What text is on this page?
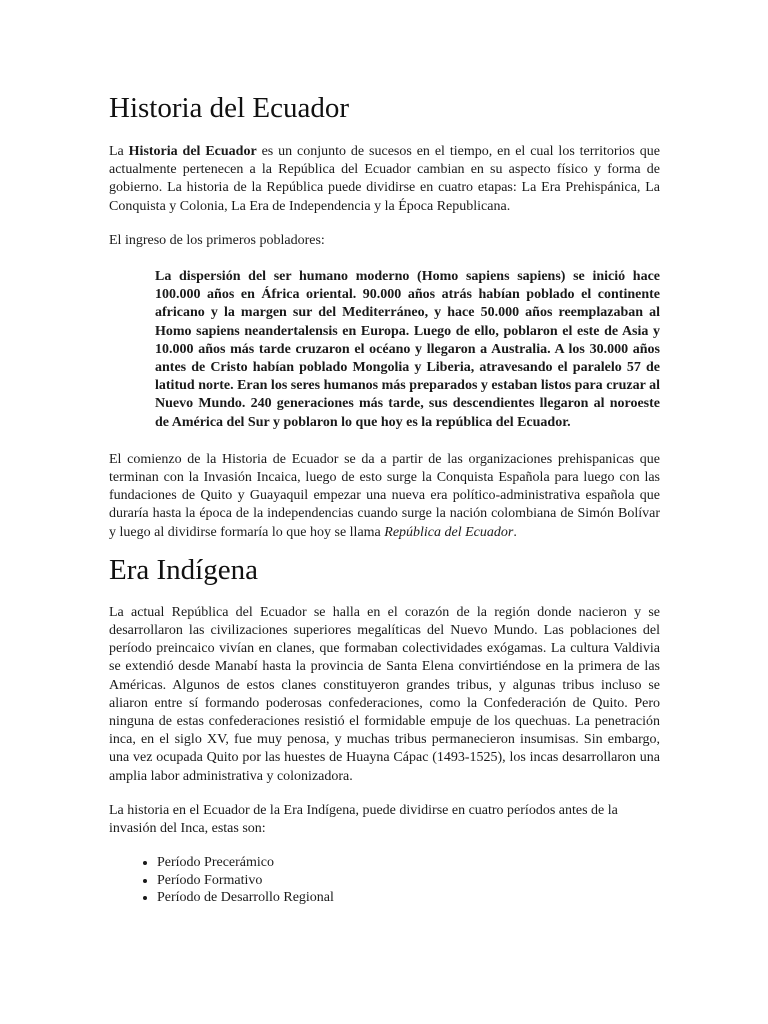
Historia del Ecuador

La Historia del Ecuador es un conjunto de sucesos en el tiempo, en el cual los territorios que actualmente pertenecen a la República del Ecuador cambian en su aspecto físico y forma de gobierno. La historia de la República puede dividirse en cuatro etapas: La Era Prehispánica, La Conquista y Colonia, La Era de Independencia y la Época Republicana.

El ingreso de los primeros pobladores:

La dispersión del ser humano moderno (Homo sapiens sapiens) se inició hace 100.000 años en África oriental. 90.000 años atrás habían poblado el continente africano y la margen sur del Mediterráneo, y hace 50.000 años reemplazaban al Homo sapiens neandertalensis en Europa. Luego de ello, poblaron el este de Asia y 10.000 años más tarde cruzaron el océano y llegaron a Australia. A los 30.000 años antes de Cristo habían poblado Mongolia y Liberia, atravesando el paralelo 57 de latitud norte. Eran los seres humanos más preparados y estaban listos para cruzar al Nuevo Mundo. 240 generaciones más tarde, sus descendientes llegaron al noroeste de América del Sur y poblaron lo que hoy es la república del Ecuador.

El comienzo de la Historia de Ecuador se da a partir de las organizaciones prehispanicas que terminan con la Invasión Incaica, luego de esto surge la Conquista Española para luego con las fundaciones de Quito y Guayaquil empezar una nueva era político-administrativa española que duraría hasta la época de la independencias cuando surge la nación colombiana de Simón Bolívar y luego al dividirse formaría lo que hoy se llama República del Ecuador.

Era Indígena

La actual República del Ecuador se halla en el corazón de la región donde nacieron y se desarrollaron las civilizaciones superiores megalíticas del Nuevo Mundo. Las poblaciones del período preincaico vivían en clanes, que formaban colectividades exógamas. La cultura Valdivia se extendió desde Manabí hasta la provincia de Santa Elena convirtiéndose en la primera de las Américas. Algunos de estos clanes constituyeron grandes tribus, y algunas tribus incluso se aliaron entre sí formando poderosas confederaciones, como la Confederación de Quito. Pero ninguna de estas confederaciones resistió el formidable empuje de los quechuas. La penetración inca, en el siglo XV, fue muy penosa, y muchas tribus permanecieron insumisas. Sin embargo, una vez ocupada Quito por las huestes de Huayna Cápac (1493-1525), los incas desarrollaron una amplia labor administrativa y colonizadora.

La historia en el Ecuador de la Era Indígena, puede dividirse en cuatro períodos antes de la invasión del Inca, estas son:

• Período Precerámico
• Período Formativo
• Período de Desarrollo Regional
